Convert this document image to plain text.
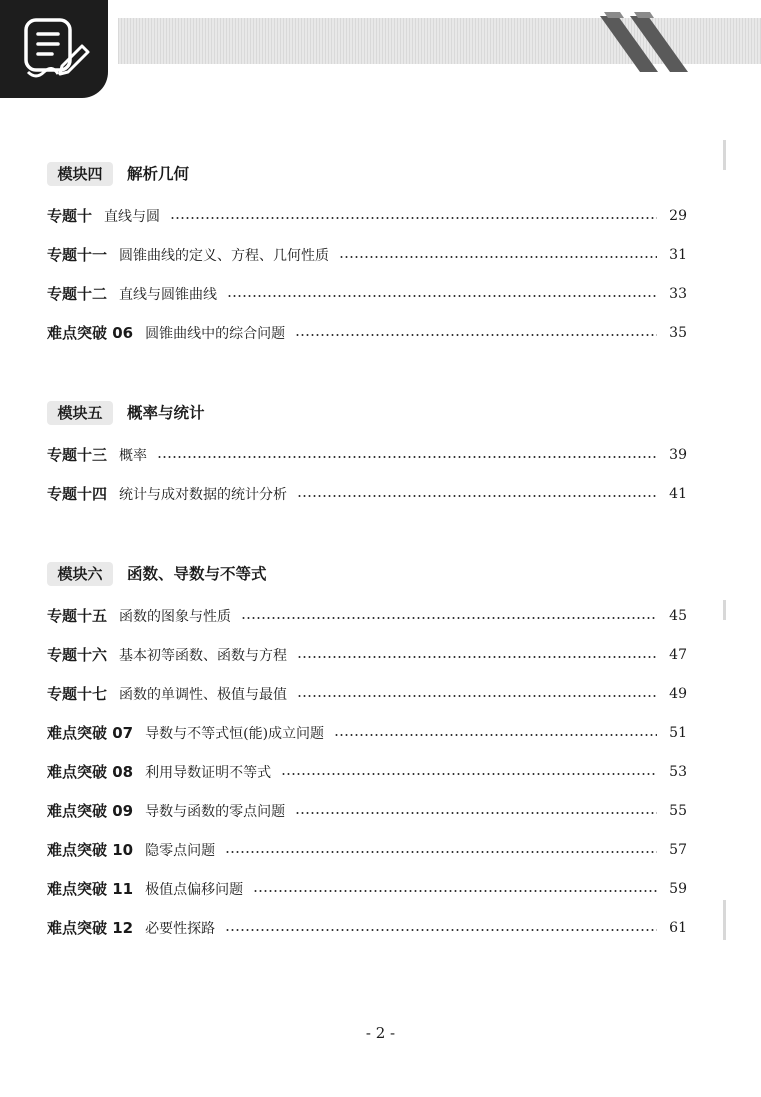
模块四	解析几何
专题十 直线与圆	29
专题十一 圆锥曲线的定义、方程、几何性质	31
专题十二 直线与圆锥曲线	33
难点突破 06 圆锥曲线中的综合问题	35
模块五	概率与统计
专题十三 概率	39
专题十四 统计与成对数据的统计分析	41
模块六	函数、导数与不等式
专题十五 函数的图象与性质	45
专题十六 基本初等函数、函数与方程	47
专题十七 函数的单调性、极值与最值	49
难点突破 07 导数与不等式恒(能)成立问题	51
难点突破 08 利用导数证明不等式	53
难点突破 09 导数与函数的零点问题	55
难点突破 10 隐零点问题	57
难点突破 11 极值点偏移问题	59
难点突破 12 必要性探路	61
- 2 -
